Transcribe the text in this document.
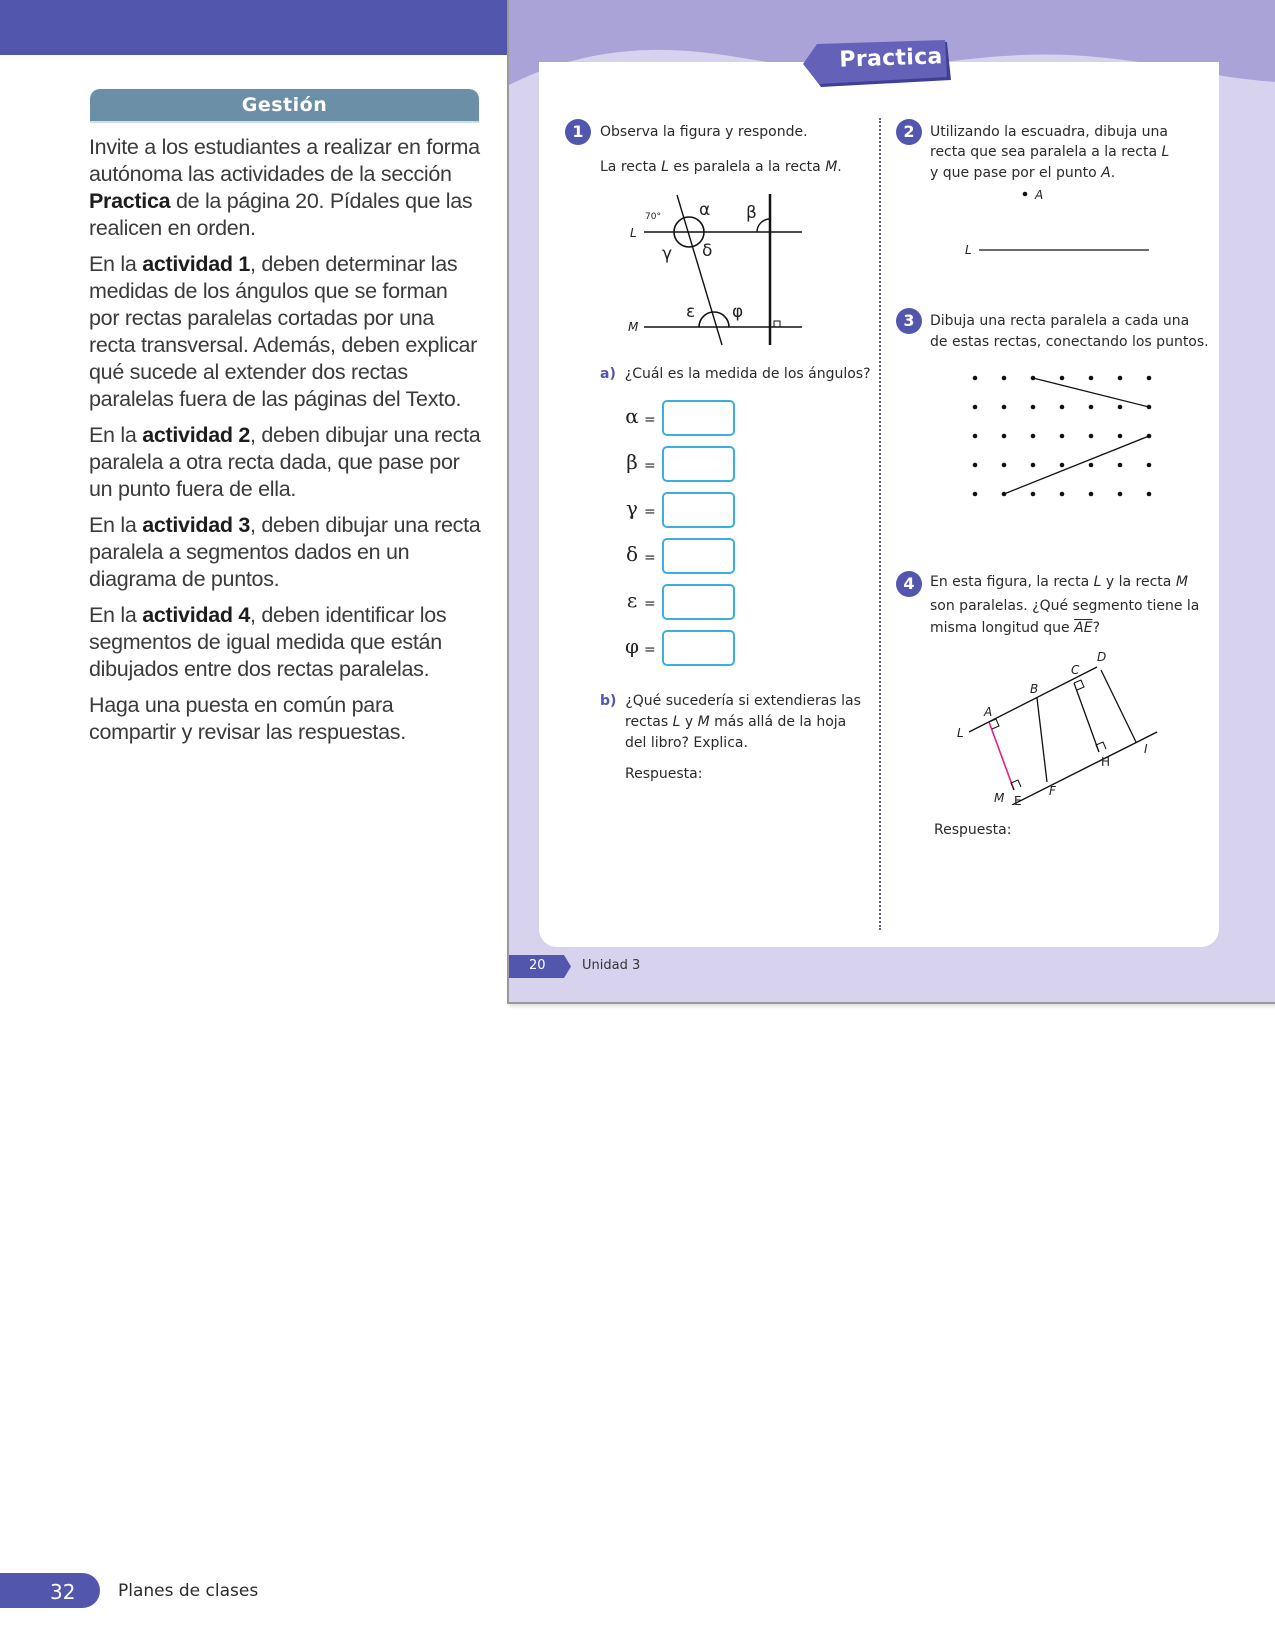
Gestión

Invite a los estudiantes a realizar en forma autónoma las actividades de la sección Practica de la página 20. Pídales que las realicen en orden.

En la actividad 1, deben determinar las medidas de los ángulos que se forman por rectas paralelas cortadas por una recta transversal. Además, deben explicar qué sucede al extender dos rectas paralelas fuera de las páginas del Texto.

En la actividad 2, deben dibujar una recta paralela a otra recta dada, que pase por un punto fuera de ella.

En la actividad 3, deben dibujar una recta paralela a segmentos dados en un diagrama de puntos.

En la actividad 4, deben identificar los segmentos de igual medida que están dibujados entre dos rectas paralelas.

Haga una puesta en común para compartir y revisar las respuestas.

Practica
1	Observa la figura y responde.
La recta L es paralela a la recta M.
L
M
70° α β
γ δ
ε φ
a) ¿Cuál es la medida de los ángulos?
α =
β =
γ =
δ =
ε =
φ =
b) ¿Qué sucedería si extendieras las
rectas L y M más allá de la hoja
del libro? Explica.
Respuesta:
2	Utilizando la escuadra, dibuja una
recta que sea paralela a la recta L
y que pase por el punto A.
A
L
3	Dibuja una recta paralela a cada una
de estas rectas, conectando los puntos.
4	En esta figura, la recta L y la recta M
son paralelas. ¿Qué segmento tiene la
misma longitud que $\overline{AE}$?
A
B
C
D
E
F
H
I
L
M
Respuesta:
20	Unidad 3
32	Planes de clases
